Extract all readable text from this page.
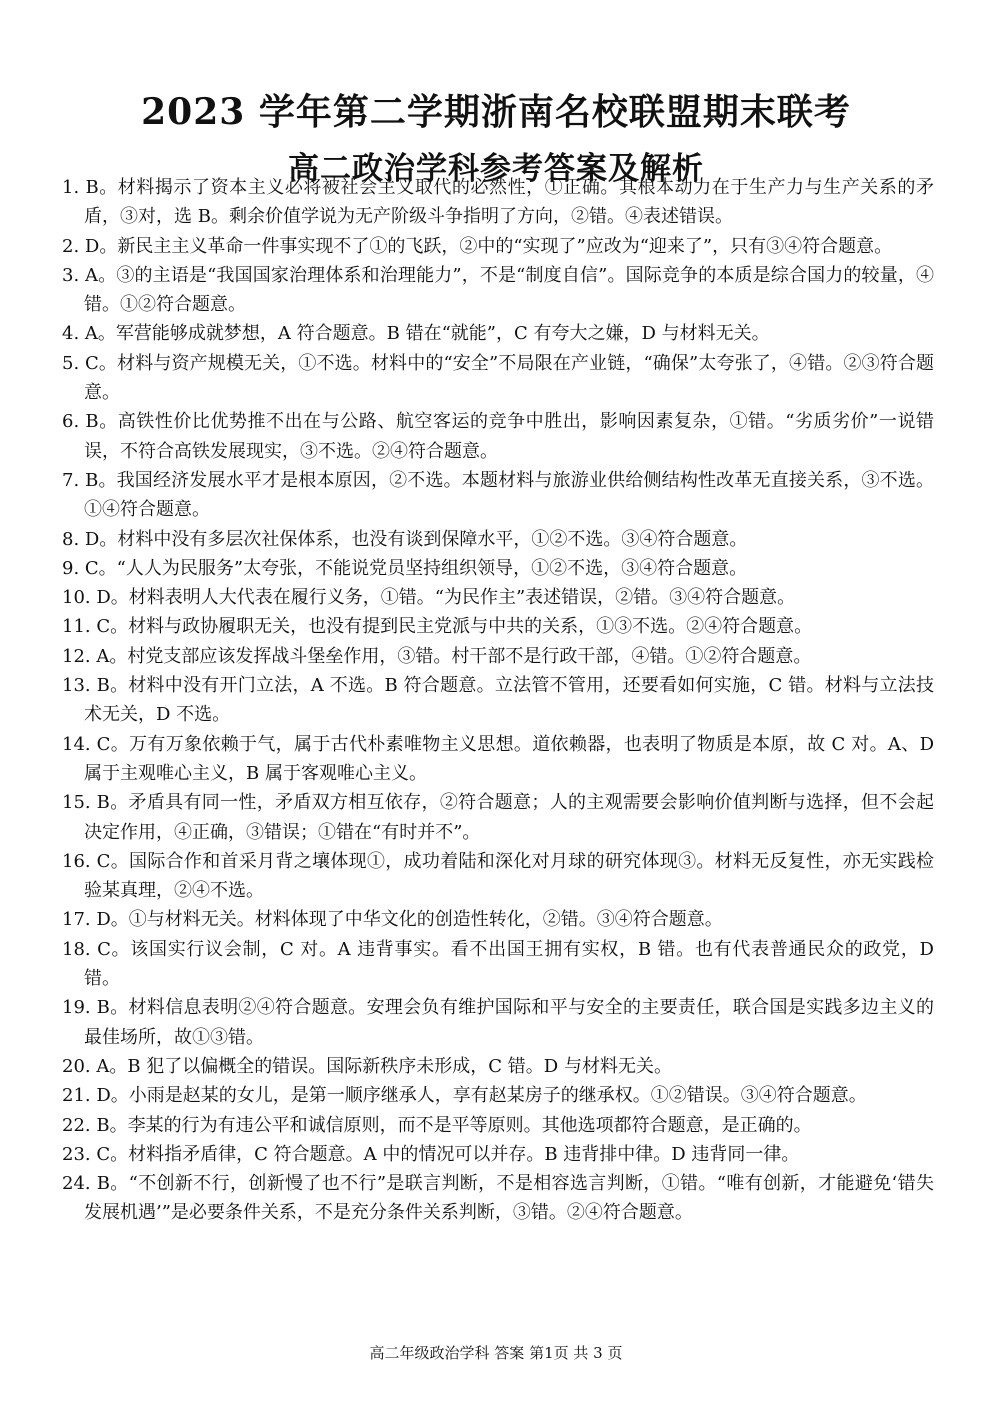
2023 学年第二学期浙南名校联盟期末联考
高二政治学科参考答案及解析
1. B。材料揭示了资本主义必将被社会主义取代的必然性，①正确。其根本动力在于生产力与生产关系的矛盾，③对，选 B。剩余价值学说为无产阶级斗争指明了方向，②错。④表述错误。
2. D。新民主主义革命一件事实现不了①的飞跃，②中的“实现了”应改为“迎来了”，只有③④符合题意。
3. A。③的主语是“我国国家治理体系和治理能力”，不是“制度自信”。国际竞争的本质是综合国力的较量，④错。①②符合题意。
4. A。军营能够成就梦想，A 符合题意。B 错在“就能”，C 有夸大之嫌，D 与材料无关。
5. C。材料与资产规模无关，①不选。材料中的“安全”不局限在产业链，“确保”太夸张了，④错。②③符合题意。
6. B。高铁性价比优势推不出在与公路、航空客运的竞争中胜出，影响因素复杂，①错。“劣质劣价”一说错误，不符合高铁发展现实，③不选。②④符合题意。
7. B。我国经济发展水平才是根本原因，②不选。本题材料与旅游业供给侧结构性改革无直接关系，③不选。①④符合题意。
8. D。材料中没有多层次社保体系，也没有谈到保障水平，①②不选。③④符合题意。
9. C。“人人为民服务”太夸张，不能说党员坚持组织领导，①②不选，③④符合题意。
10. D。材料表明人大代表在履行义务，①错。“为民作主”表述错误，②错。③④符合题意。
11. C。材料与政协履职无关，也没有提到民主党派与中共的关系，①③不选。②④符合题意。
12. A。村党支部应该发挥战斗堡垒作用，③错。村干部不是行政干部，④错。①②符合题意。
13. B。材料中没有开门立法，A 不选。B 符合题意。立法管不管用，还要看如何实施，C 错。材料与立法技术无关，D 不选。
14. C。万有万象依赖于气，属于古代朴素唯物主义思想。道依赖器，也表明了物质是本原，故 C 对。A、D 属于主观唯心主义，B 属于客观唯心主义。
15. B。矛盾具有同一性，矛盾双方相互依存，②符合题意；人的主观需要会影响价值判断与选择，但不会起决定作用，④正确，③错误；①错在“有时并不”。
16. C。国际合作和首采月背之壤体现①，成功着陆和深化对月球的研究体现③。材料无反复性，亦无实践检验某真理，②④不选。
17. D。①与材料无关。材料体现了中华文化的创造性转化，②错。③④符合题意。
18. C。该国实行议会制，C 对。A 违背事实。看不出国王拥有实权，B 错。也有代表普通民众的政党，D 错。
19. B。材料信息表明②④符合题意。安理会负有维护国际和平与安全的主要责任，联合国是实践多边主义的最佳场所，故①③错。
20. A。B 犯了以偏概全的错误。国际新秩序未形成，C 错。D 与材料无关。
21. D。小雨是赵某的女儿，是第一顺序继承人，享有赵某房子的继承权。①②错误。③④符合题意。
22. B。李某的行为有违公平和诚信原则，而不是平等原则。其他选项都符合题意，是正确的。
23. C。材料指矛盾律，C 符合题意。A 中的情况可以并存。B 违背排中律。D 违背同一律。
24. B。“不创新不行，创新慢了也不行”是联言判断，不是相容选言判断，①错。“唯有创新，才能避免‘错失发展机遇’”是必要条件关系，不是充分条件关系判断，③错。②④符合题意。
高二年级政治学科 答案 第1页 共 3 页
